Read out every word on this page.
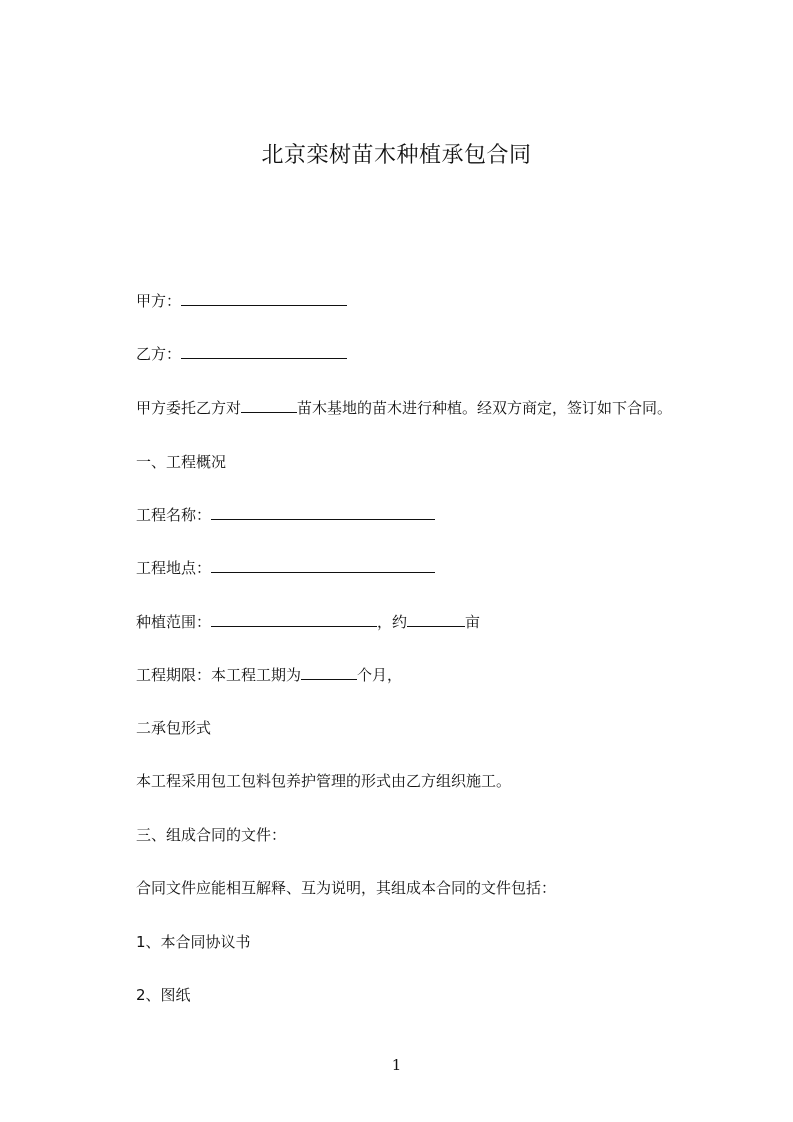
北京栾树苗木种植承包合同
甲方：
乙方：
甲方委托乙方对	苗木基地的苗木进行种植。经双方商定，签订如下合同。
一、工程概况
工程名称：
工程地点：
种植范围：	，约	亩
工程期限：本工程工期为	个月，
二承包形式
本工程采用包工包料包养护管理的形式由乙方组织施工。
三、组成合同的文件：
合同文件应能相互解释、互为说明，其组成本合同的文件包括：
1、本合同协议书
2、图纸
1
